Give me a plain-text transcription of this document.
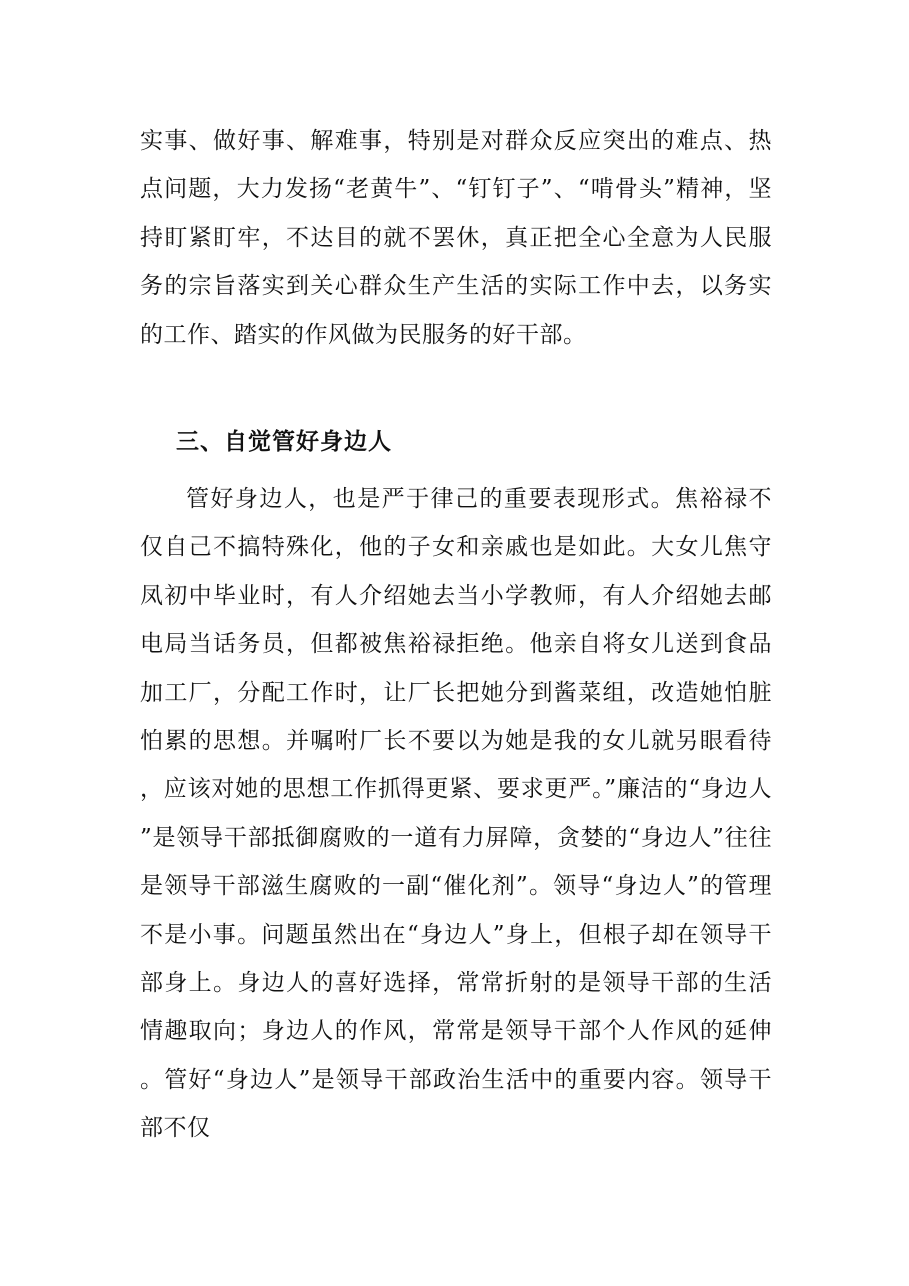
实事、做好事、解难事，特别是对群众反应突出的难点、热点问题，大力发扬“老黄牛”、“钉钉子”、“啃骨头”精神，坚持盯紧盯牢，不达目的就不罢休，真正把全心全意为人民服务的宗旨落实到关心群众生产生活的实际工作中去，以务实的工作、踏实的作风做为民服务的好干部。

三、自觉管好身边人

管好身边人，也是严于律己的重要表现形式。焦裕禄不仅自己不搞特殊化，他的子女和亲戚也是如此。大女儿焦守凤初中毕业时，有人介绍她去当小学教师，有人介绍她去邮电局当话务员，但都被焦裕禄拒绝。他亲自将女儿送到食品加工厂，分配工作时，让厂长把她分到酱菜组，改造她怕脏怕累的思想。并嘱咐厂长不要以为她是我的女儿就另眼看待，应该对她的思想工作抓得更紧、要求更严。”廉洁的“身边人”是领导干部抵御腐败的一道有力屏障，贪婪的“身边人”往往是领导干部滋生腐败的一副“催化剂”。领导“身边人”的管理不是小事。问题虽然出在“身边人”身上，但根子却在领导干部身上。身边人的喜好选择，常常折射的是领导干部的生活情趣取向；身边人的作风，常常是领导干部个人作风的延伸。管好“身边人”是领导干部政治生活中的重要内容。领导干部不仅
